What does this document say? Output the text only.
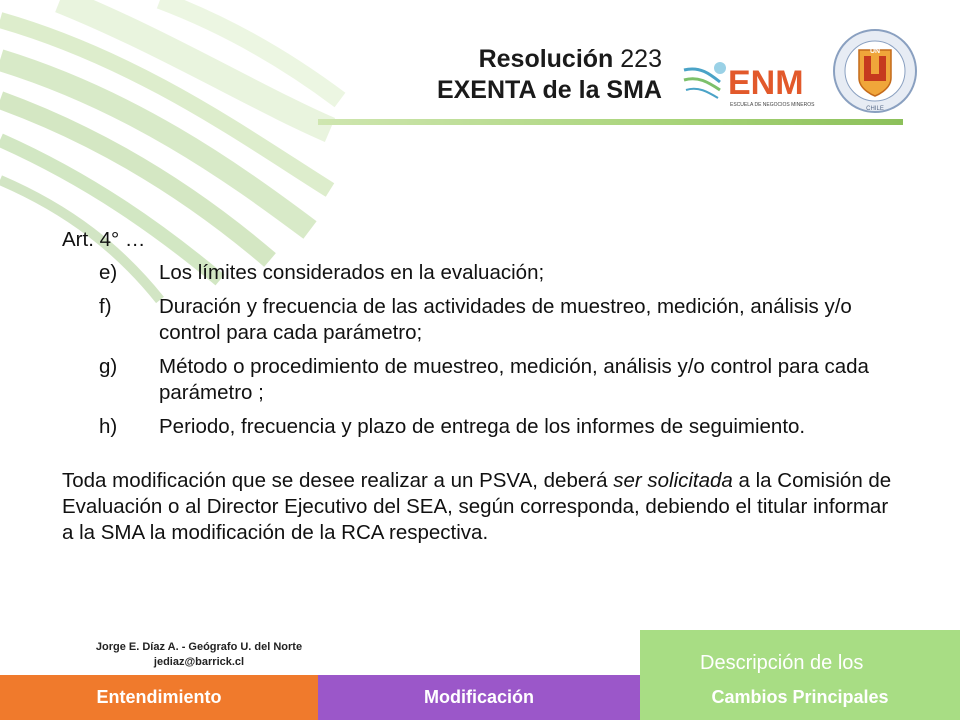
Resolución 223
EXENTA de la SMA ENM
ESCUELA DE NEGOCIOS MINEROS
UN
CHILE
Art. 4° …
e)	Los límites considerados en la evaluación;
f)	Duración y frecuencia de las actividades de muestreo, medición, análisis y/o control para cada parámetro;
g)	Método o procedimiento de muestreo, medición, análisis y/o control para cada parámetro ;
h)	Periodo, frecuencia y plazo de entrega de los informes de seguimiento.
Toda modificación que se desee realizar a un PSVA, deberá ser solicitada a la Comisión de Evaluación o al Director Ejecutivo del SEA, según corresponda, debiendo el titular informar a la SMA la modificación de la RCA respectiva.
Jorge E. Díaz A. - Geógrafo U. del Norte
jediaz@barrick.cl	Descripción de los
Entendimiento	Modificación	Cambios Principales
